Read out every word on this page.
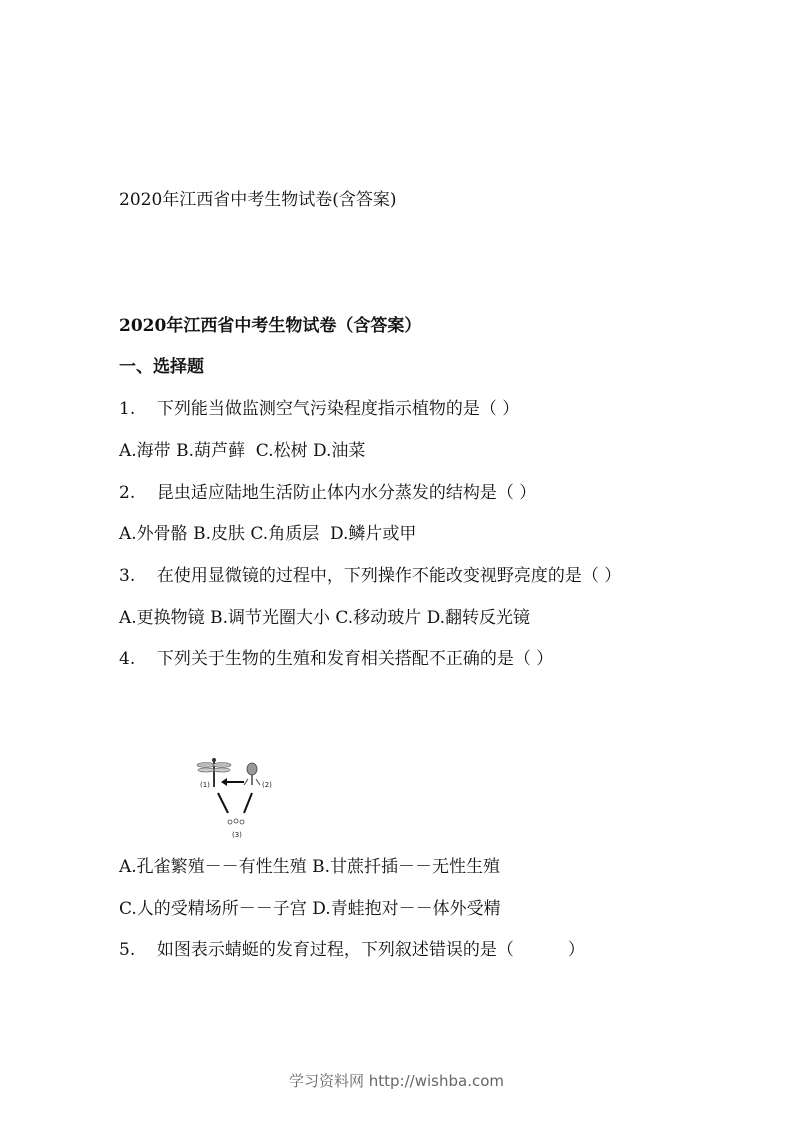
2020年江西省中考生物试卷(含答案)
2020年江西省中考生物试卷（含答案）
一、选择题
1.    下列能当做监测空气污染程度指示植物的是（ ）
A.海带 B.葫芦藓  C.松树 D.油菜
2.    昆虫适应陆地生活防止体内水分蒸发的结构是（ ）
A.外骨骼 B.皮肤 C.角质层  D.鳞片或甲
3.    在使用显微镜的过程中，下列操作不能改变视野亮度的是（ ）
A.更换物镜 B.调节光圈大小 C.移动玻片 D.翻转反光镜
4.    下列关于生物的生殖和发育相关搭配不正确的是（ ）
(1)	(2)
(3)
A.孔雀繁殖－－有性生殖 B.甘蔗扦插－－无性生殖
C.人的受精场所－－子宫 D.青蛙抱对－－体外受精
5.    如图表示蜻蜓的发育过程，下列叙述错误的是（          ）
学习资料网 http://wishba.com
